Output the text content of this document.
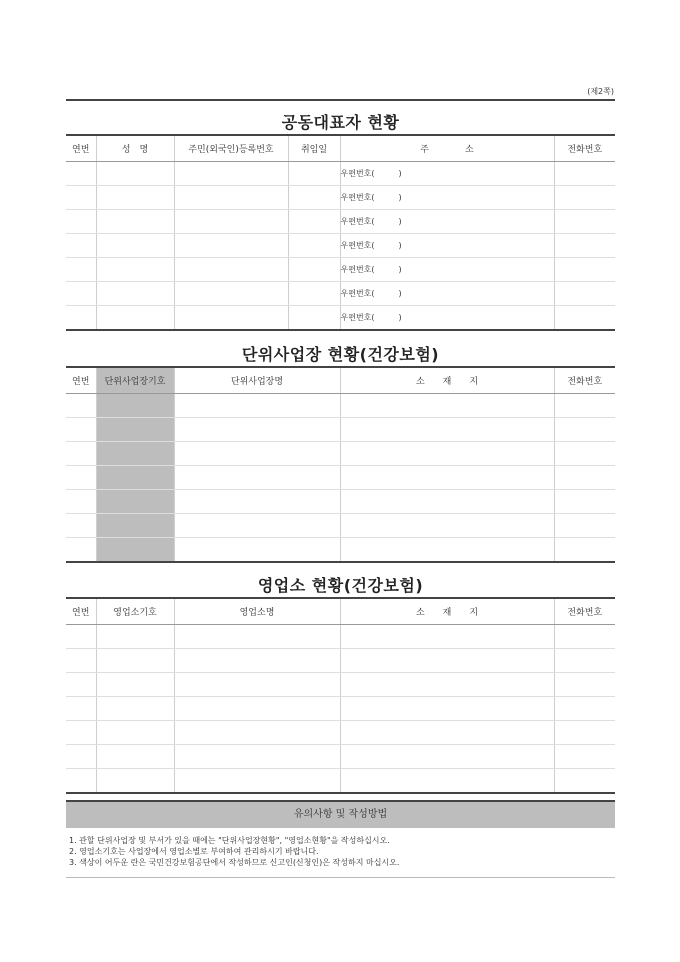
(제2쪽)
공동대표자 현황
연번	성　명	주민(외국인)등록번호	취임일	주　　　　소	전화번호
				우편번호(　　　)	
				우편번호(　　　)	
				우편번호(　　　)	
				우편번호(　　　)	
				우편번호(　　　)	
				우편번호(　　　)	
				우편번호(　　　)	
단위사업장 현황(건강보험)
연번	단위사업장기호	단위사업장명	소　　재　　지	전화번호

영업소 현황(건강보험)
연번	영업소기호	영업소명	소　　재　　지	전화번호

유의사항 및 작성방법
1. 관할 단위사업장 및 부서가 있을 때에는 "단위사업장현황", "영업소현황"을 작성하십시오.
2. 영업소기호는 사업장에서 영업소별로 부여하여 관리하시기 바랍니다.
3. 색상이 어두운 란은 국민건강보험공단에서 작성하므로 신고인(신청인)은 작성하지 마십시오.
